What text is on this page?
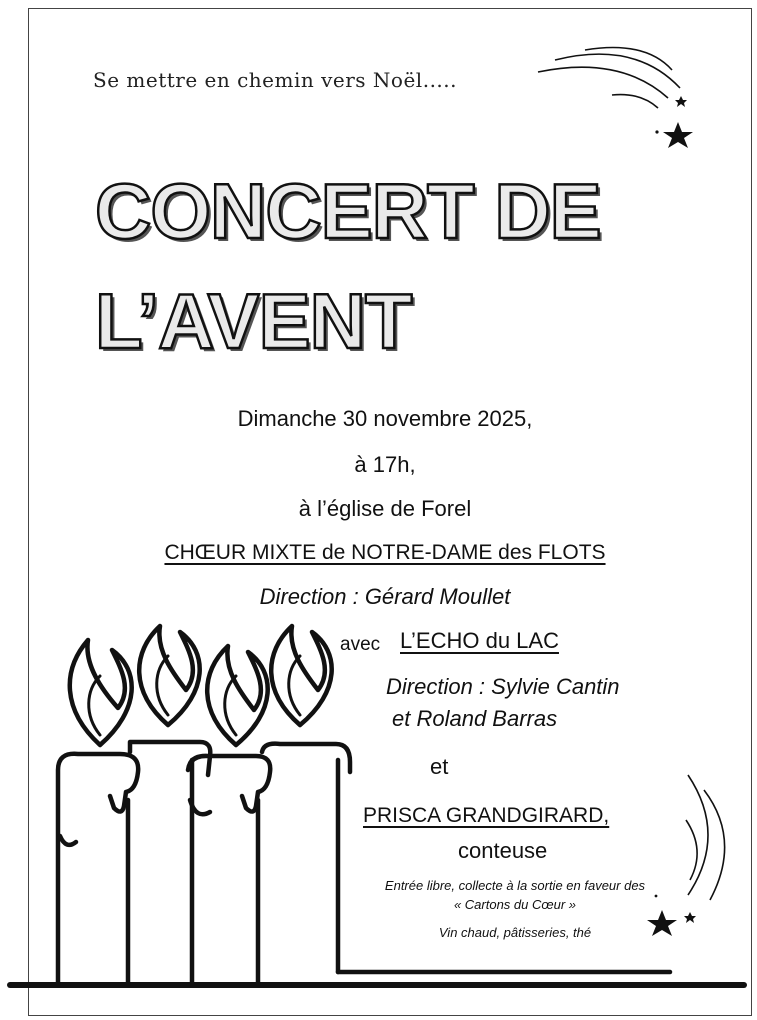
Se mettre en chemin vers Noël.....
CONCERT DE
L’AVENT
Dimanche 30 novembre 2025,
à 17h,
à l’église de Forel
CHŒUR MIXTE de NOTRE-DAME des FLOTS
Direction : Gérard Moullet
avec L’ECHO du LAC
Direction : Sylvie Cantin
et Roland Barras
et
PRISCA GRANDGIRARD,
conteuse
Entrée libre, collecte à la sortie en faveur des
« Cartons du Cœur »
Vin chaud, pâtisseries, thé
